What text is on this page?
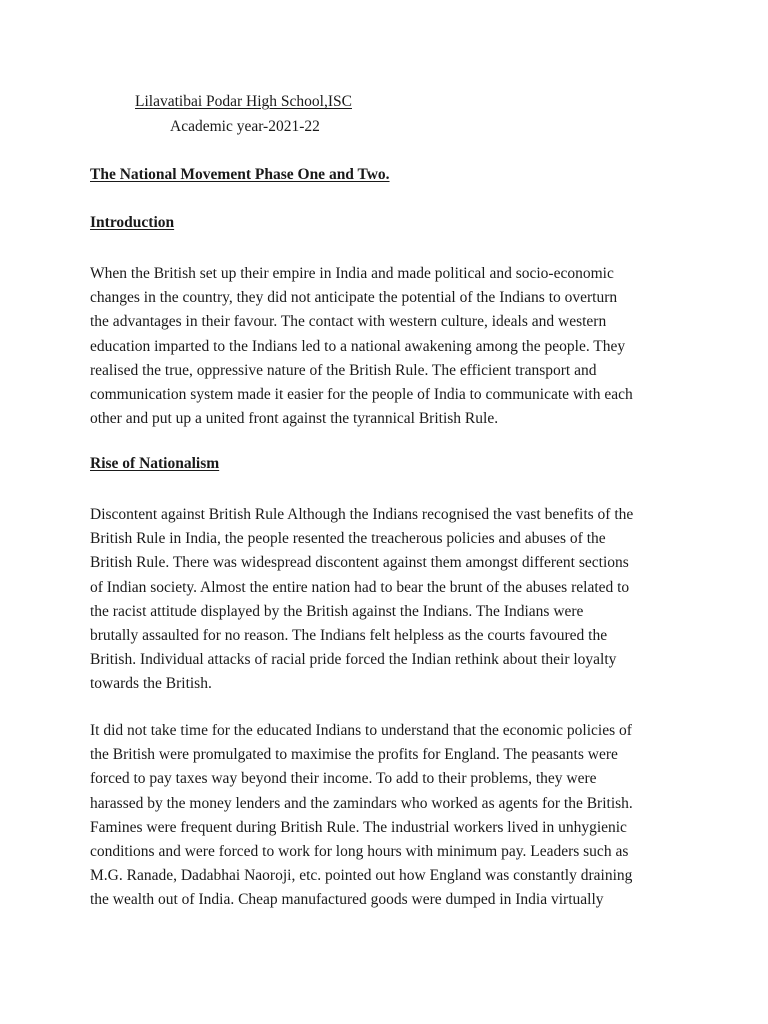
Lilavatibai Podar High School,ISC
Academic year-2021-22
The National Movement Phase One and Two.
Introduction
When the British set up their empire in India and made political and socio-economic
changes in the country, they did not anticipate the potential of the Indians to overturn
the advantages in their favour. The contact with western culture, ideals and western
education imparted to the Indians led to a national awakening among the people. They
realised the true, oppressive nature of the British Rule. The efficient transport and
communication system made it easier for the people of India to communicate with each
other and put up a united front against the tyrannical British Rule.
Rise of Nationalism
Discontent against British Rule Although the Indians recognised the vast benefits of the
British Rule in India, the people resented the treacherous policies and abuses of the
British Rule. There was widespread discontent against them amongst different sections
of Indian society. Almost the entire nation had to bear the brunt of the abuses related to
the racist attitude displayed by the British against the Indians. The Indians were
brutally assaulted for no reason. The Indians felt helpless as the courts favoured the
British. Individual attacks of racial pride forced the Indian rethink about their loyalty
towards the British.
It did not take time for the educated Indians to understand that the economic policies of
the British were promulgated to maximise the profits for England. The peasants were
forced to pay taxes way beyond their income. To add to their problems, they were
harassed by the money lenders and the zamindars who worked as agents for the British.
Famines were frequent during British Rule. The industrial workers lived in unhygienic
conditions and were forced to work for long hours with minimum pay. Leaders such as
M.G. Ranade, Dadabhai Naoroji, etc. pointed out how England was constantly draining
the wealth out of India. Cheap manufactured goods were dumped in India virtually
